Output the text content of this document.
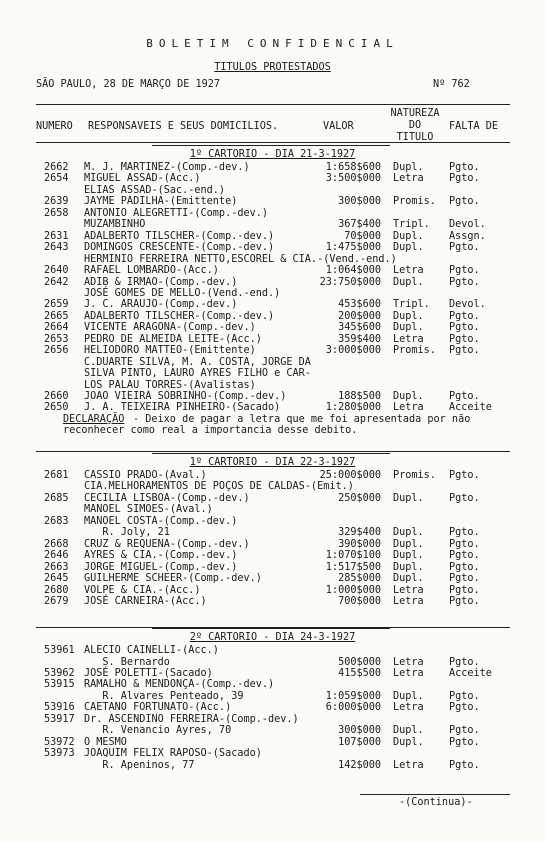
BOLETIM CONFIDENCIAL
TITULOS PROTESTADOS
SÃO PAULO, 28 DE MARÇO DE 1927	Nº 762
NUMERO RESPONSAVEIS E SEUS DOMICILIOS.	VALOR
NATUREZA
DO
TITULO
FALTA DE
1º CARTORIO - DIA 21-3-1927
2662 M. J. MARTINEZ-(Comp.-dev.)	1:658$600 Dupl. Pgto.
2654 MIGUEL ASSAD-(Acc.)	3:500$000 Letra Pgto.
ELIAS ASSAD-(Sac.-end.)
2639 JAYME PADILHA-(Emittente)	300$000 Promis. Pgto.
2658 ANTONIO ALEGRETTI-(Comp.-dev.)
MUZAMBINHO	367$400 Tripl. Devol.
2631 ADALBERTO TILSCHER-(Comp.-dev.)	70$000 Dupl. Assgn.
2643 DOMINGOS CRESCENTE-(Comp.-dev.)	1:475$000 Dupl. Pgto.
HERMINIO FERREIRA NETTO,ESCOREL & CIA.-(Vend.-end.)
2640 RAFAEL LOMBARDO-(Acc.)	1:064$000 Letra Pgto.
2642 ADIB & IRMAO-(Comp.-dev.)	23:750$000 Dupl. Pgto.
JOSÉ GOMES DE MELLO-(Vend.-end.)
2659 J. C. ARAUJO-(Comp.-dev.)	453$600 Tripl. Devol.
2665 ADALBERTO TILSCHER-(Comp.-dev.)	200$000 Dupl. Pgto.
2664 VICENTE ARAGONA-(Comp.-dev.)	345$600 Dupl. Pgto.
2653 PEDRO DE ALMEIDA LEITE-(Acc.)	359$400 Letra Pgto.
2656 HELIODORO MATTEO-(Emittente)	3:000$000 Promis. Pgto.
C.DUARTE SILVA, M. A. COSTA, JORGE DA
SILVA PINTO, LAURO AYRES FILHO e CAR-
LOS PALAU TORRES-(Avalistas)
2660 JOAO VIEIRA SOBRINHO-(Comp.-dev.)	188$500 Dupl. Pgto.
2650 J. A. TEIXEIRA PINHEIRO-(Sacado)	1:280$000 Letra Acceite
DECLARAÇÃO - Deixo de pagar a letra que me foi apresentada por não
reconhecer como real a importancia desse debito.
1º CARTORIO - DIA 22-3-1927
2681 CASSIO PRADO-(Aval.)	25:000$000 Promis. Pgto.
CIA.MELHORAMENTOS DE POÇOS DE CALDAS-(Emit.)
2685 CECILIA LISBOA-(Comp.-dev.)	250$000 Dupl. Pgto.
MANOEL SIMOES-(Aval.)
2683 MANOEL COSTA-(Comp.-dev.)
R. Joly, 21	329$400 Dupl. Pgto.
2668 CRUZ & REQUENA-(Comp.-dev.)	390$000 Dupl. Pgto.
2646 AYRES & CIA.-(Comp.-dev.)	1:070$100 Dupl. Pgto.
2663 JORGE MIGUEL-(Comp.-dev.)	1:517$500 Dupl. Pgto.
2645 GUILHERME SCHEER-(Comp.-dev.)	285$000 Dupl. Pgto.
2680 VOLPE & CIA.-(Acc.)	1:000$000 Letra Pgto.
2679 JOSÉ CARNEIRA-(Acc.)	700$000 Letra Pgto.
2º CARTORIO - DIA 24-3-1927
53961 ALECIO CAINELLI-(Acc.)
S. Bernardo	500$000 Letra Pgto.
53962 JOSÉ POLETTI-(Sacado)	415$500 Letra Acceite
53915 RAMALHO & MENDONÇA-(Comp.-dev.)
R. Alvares Penteado, 39	1:059$000 Dupl. Pgto.
53916 CAETANO FORTUNATO-(Acc.)	6:000$000 Letra Pgto.
53917 Dr. ASCENDINO FERREIRA-(Comp.-dev.)
R. Venancio Ayres, 70	300$000 Dupl. Pgto.
53972 O MESMO	107$000 Dupl. Pgto.
53973 JOAQUIM FELIX RAPOSO-(Sacado)
R. Apeninos, 77	142$000 Letra Pgto.
-(Continua)-
